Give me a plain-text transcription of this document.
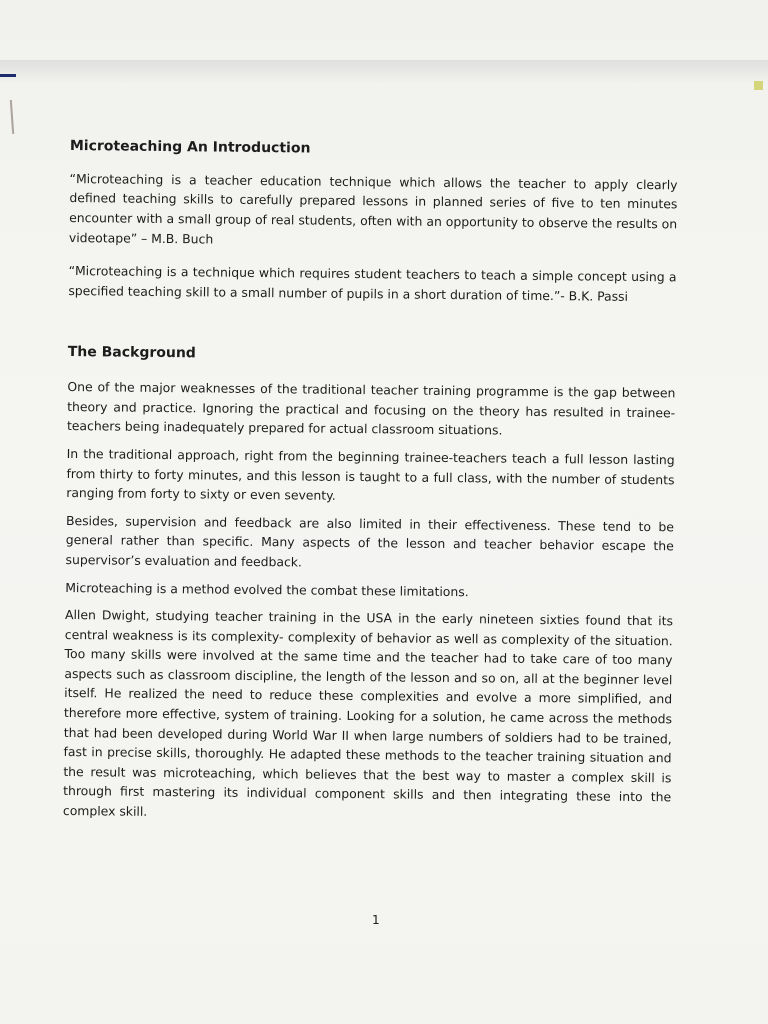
Microteaching An Introduction

“Microteaching is a teacher education technique which allows the teacher to apply clearly defined teaching skills to carefully prepared lessons in planned series of five to ten minutes encounter with a small group of real students, often with an opportunity to observe the results on videotape” – M.B. Buch

“Microteaching is a technique which requires student teachers to teach a simple concept using a specified teaching skill to a small number of pupils in a short duration of time.”- B.K. Passi

The Background

One of the major weaknesses of the traditional teacher training programme is the gap between theory and practice. Ignoring the practical and focusing on the theory has resulted in trainee-teachers being inadequately prepared for actual classroom situations.

In the traditional approach, right from the beginning trainee-teachers teach a full lesson lasting from thirty to forty minutes, and this lesson is taught to a full class, with the number of students ranging from forty to sixty or even seventy.

Besides, supervision and feedback are also limited in their effectiveness. These tend to be general rather than specific. Many aspects of the lesson and teacher behavior escape the supervisor’s evaluation and feedback.

Microteaching is a method evolved the combat these limitations.

Allen Dwight, studying teacher training in the USA in the early nineteen sixties found that its central weakness is its complexity- complexity of behavior as well as complexity of the situation. Too many skills were involved at the same time and the teacher had to take care of too many aspects such as classroom discipline, the length of the lesson and so on, all at the beginner level itself. He realized the need to reduce these complexities and evolve a more simplified, and therefore more effective, system of training. Looking for a solution, he came across the methods that had been developed during World War II when large numbers of soldiers had to be trained, fast in precise skills, thoroughly. He adapted these methods to the teacher training situation and the result was microteaching, which believes that the best way to master a complex skill is through first mastering its individual component skills and then integrating these into the complex skill.

1
